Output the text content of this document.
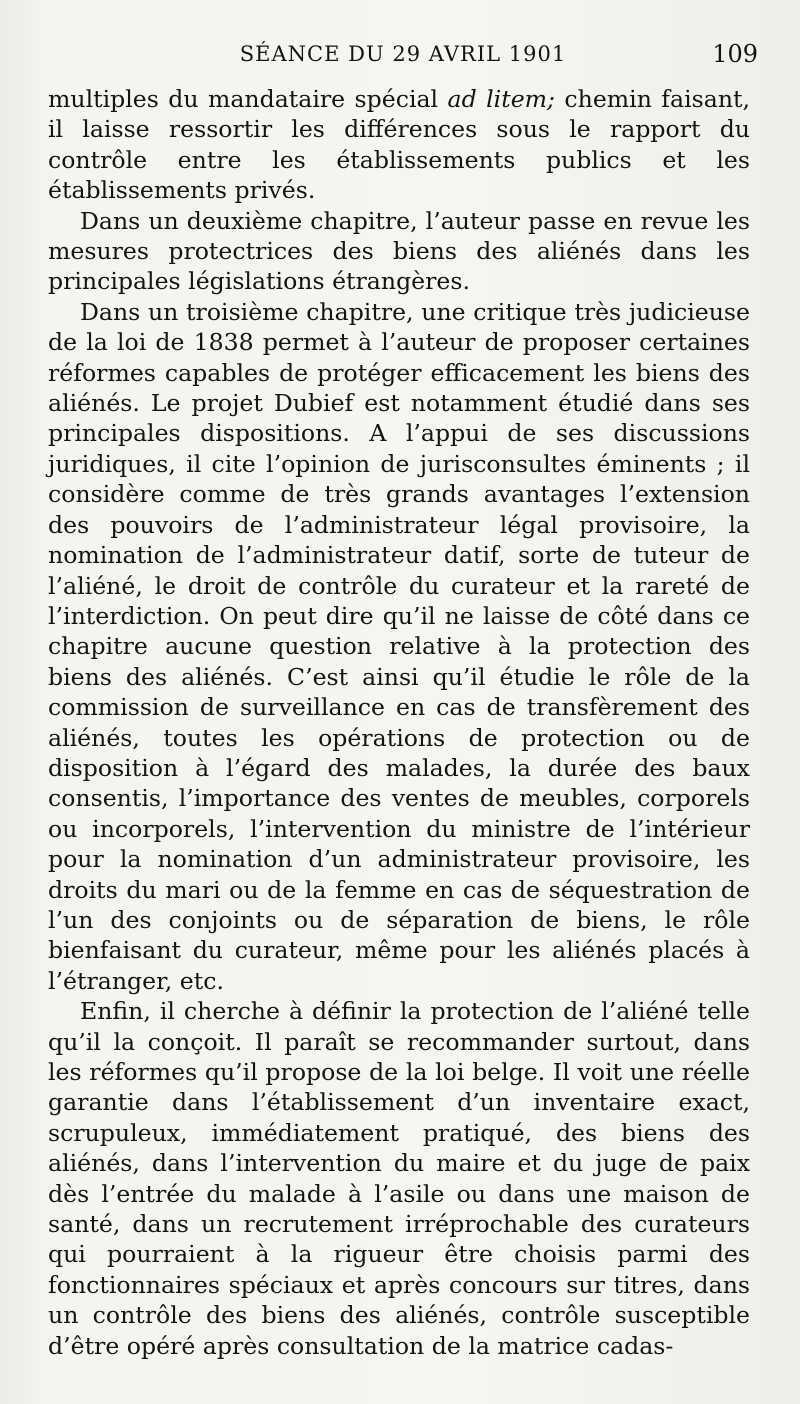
SÉANCE DU 29 AVRIL 1901	109

multiples du mandataire spécial ad litem; chemin faisant, il laisse ressortir les différences sous le rapport du contrôle entre les établissements publics et les établissements privés.

Dans un deuxième chapitre, l’auteur passe en revue les mesures protectrices des biens des aliénés dans les principales législations étrangères.

Dans un troisième chapitre, une critique très judicieuse de la loi de 1838 permet à l’auteur de proposer certaines réformes capables de protéger efficacement les biens des aliénés. Le projet Dubief est notamment étudié dans ses principales dispositions. A l’appui de ses discussions juridiques, il cite l’opinion de jurisconsultes éminents ; il considère comme de très grands avantages l’extension des pouvoirs de l’administrateur légal provisoire, la nomination de l’administrateur datif, sorte de tuteur de l’aliéné, le droit de contrôle du curateur et la rareté de l’interdiction. On peut dire qu’il ne laisse de côté dans ce chapitre aucune question relative à la protection des biens des aliénés. C’est ainsi qu’il étudie le rôle de la commission de surveillance en cas de transfèrement des aliénés, toutes les opérations de protection ou de disposition à l’égard des malades, la durée des baux consentis, l’importance des ventes de meubles, corporels ou incorporels, l’intervention du ministre de l’intérieur pour la nomination d’un administrateur provisoire, les droits du mari ou de la femme en cas de séquestration de l’un des conjoints ou de séparation de biens, le rôle bienfaisant du curateur, même pour les aliénés placés à l’étranger, etc.

Enfin, il cherche à définir la protection de l’aliéné telle qu’il la conçoit. Il paraît se recommander surtout, dans les réformes qu’il propose de la loi belge. Il voit une réelle garantie dans l’établissement d’un inventaire exact, scrupuleux, immédiatement pratiqué, des biens des aliénés, dans l’intervention du maire et du juge de paix dès l’entrée du malade à l’asile ou dans une maison de santé, dans un recrutement irréprochable des curateurs qui pourraient à la rigueur être choisis parmi des fonctionnaires spéciaux et après concours sur titres, dans un contrôle des biens des aliénés, contrôle susceptible d’être opéré après consultation de la matrice cadas-
